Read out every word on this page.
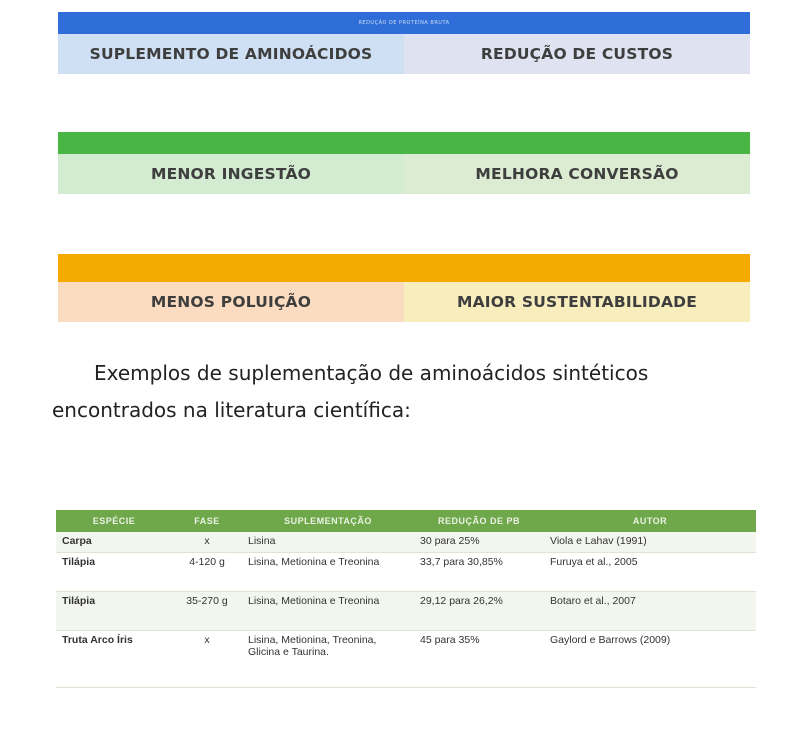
REDUÇÃO DE PROTEÍNA BRUTA
SUPLEMENTO DE AMINOÁCIDOS	REDUÇÃO DE CUSTOS
MENOR INGESTÃO	MELHORA CONVERSÃO
MENOS POLUIÇÃO	MAIOR SUSTENTABILIDADE
Exemplos de suplementação de aminoácidos sintéticos
encontrados na literatura científica:
ESPÉCIE	FASE	SUPLEMENTAÇÃO	REDUÇÃO DE PB	AUTOR
Carpa	x	Lisina	30 para 25%	Viola e Lahav (1991)
Tilápia	4-120 g	Lisina, Metionina e Treonina	33,7 para 30,85%	Furuya et al., 2005
Tilápia	35-270 g	Lisina, Metionina e Treonina	29,12 para 26,2%	Botaro et al., 2007
Truta Arco Íris	x	Lisina, Metionina, Treonina, Glicina e Taurina.	45 para 35%	Gaylord e Barrows (2009)
